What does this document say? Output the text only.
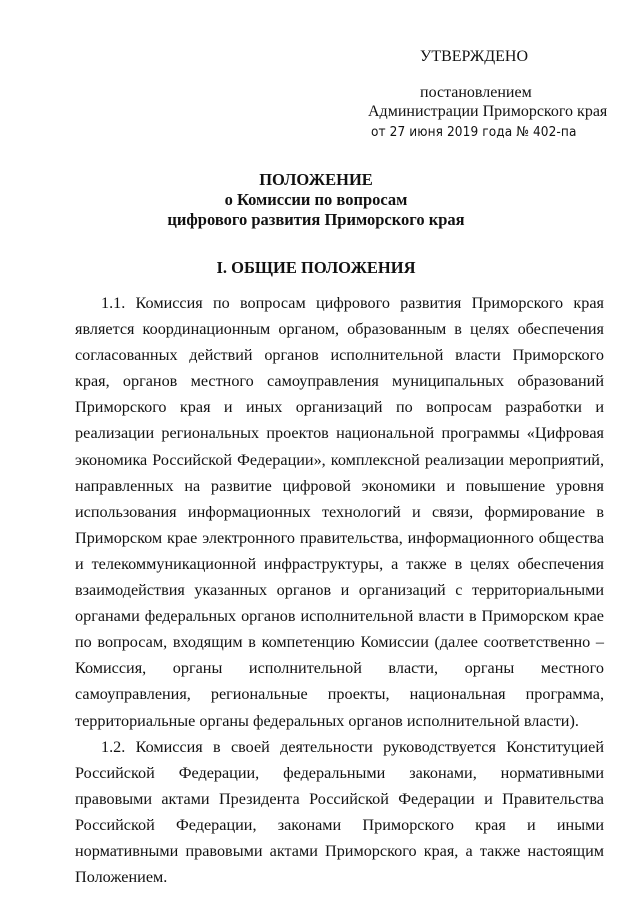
УТВЕРЖДЕНО
постановлением
Администрации Приморского края
от 27 июня 2019 года № 402-па
ПОЛОЖЕНИЕ
о Комиссии по вопросам
цифрового развития Приморского края
I. ОБЩИЕ ПОЛОЖЕНИЯ

1.1. Комиссия по вопросам цифрового развития Приморского края является координационным органом, образованным в целях обеспечения согласованных действий органов исполнительной власти Приморского края, органов местного самоуправления муниципальных образований Приморского края и иных организаций по вопросам разработки и реализации региональных проектов национальной программы «Цифровая экономика Российской Федерации», комплексной реализации мероприятий, направленных на развитие цифровой экономики и повышение уровня использования информационных технологий и связи, формирование в Приморском крае электронного правительства, информационного общества и телекоммуникационной инфраструктуры, а также в целях обеспечения взаимодействия указанных органов и организаций с территориальными органами федеральных органов исполнительной власти в Приморском крае по вопросам, входящим в компетенцию Комиссии (далее соответственно – Комиссия, органы исполнительной власти, органы местного самоуправления, региональные проекты, национальная программа, территориальные органы федеральных органов исполнительной власти).

1.2. Комиссия в своей деятельности руководствуется Конституцией Российской Федерации, федеральными законами, нормативными правовыми актами Президента Российской Федерации и Правительства Российской Федерации, законами Приморского края и иными нормативными правовыми актами Приморского края, а также настоящим Положением.
